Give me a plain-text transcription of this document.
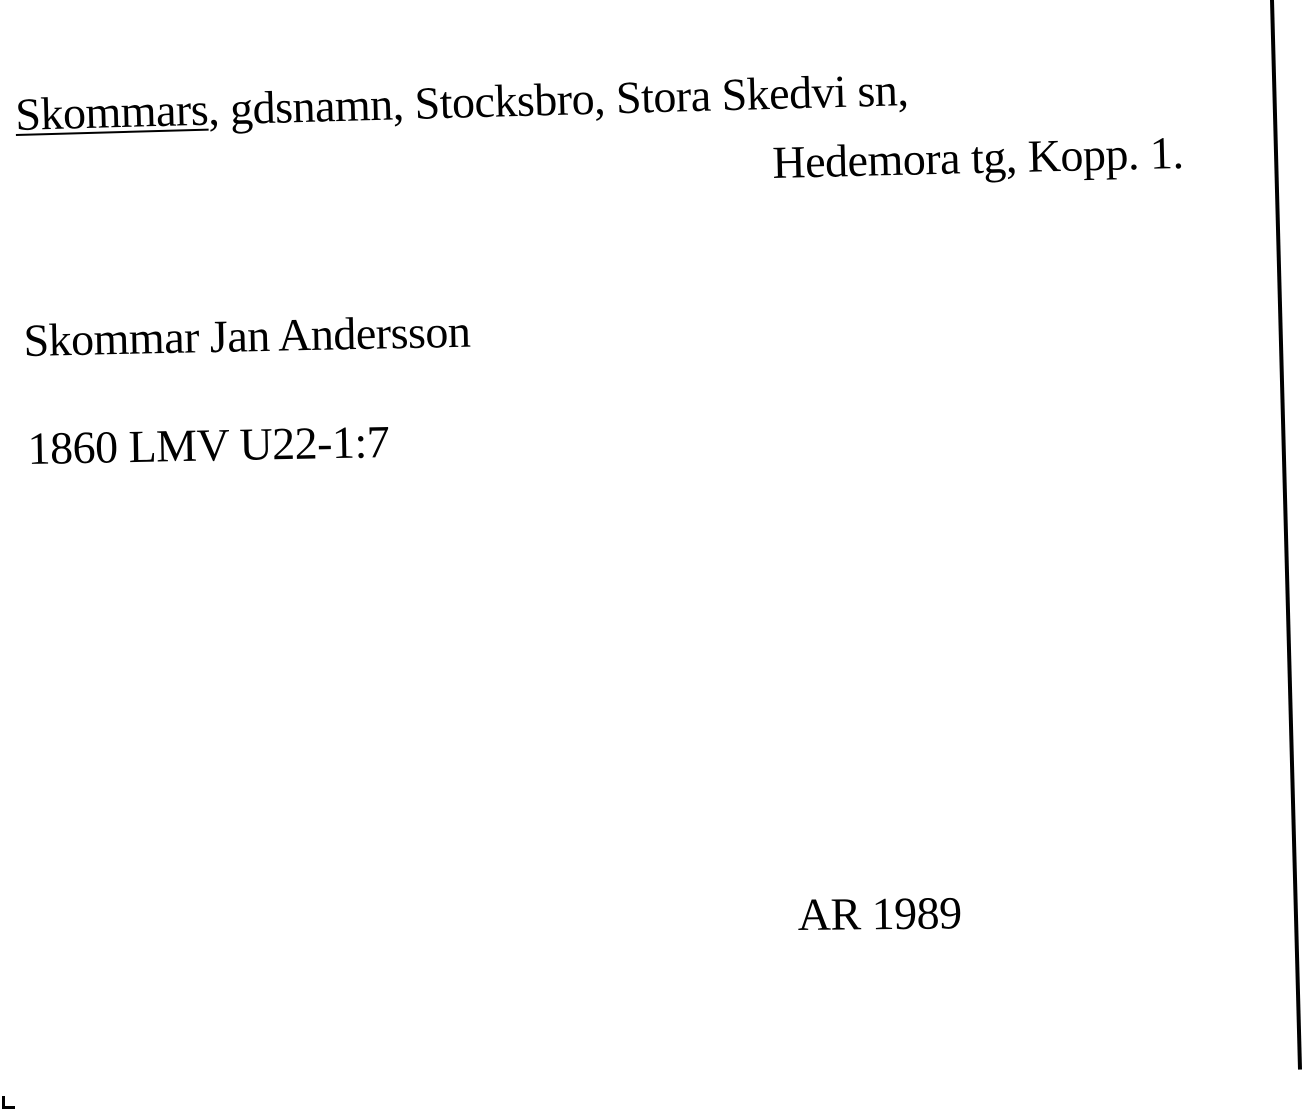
Skommars, gdsnamn, Stocksbro, Stora Skedvi sn,
Hedemora tg, Kopp. 1.
Skommar Jan Andersson
1860 LMV U22-1:7
AR 1989
